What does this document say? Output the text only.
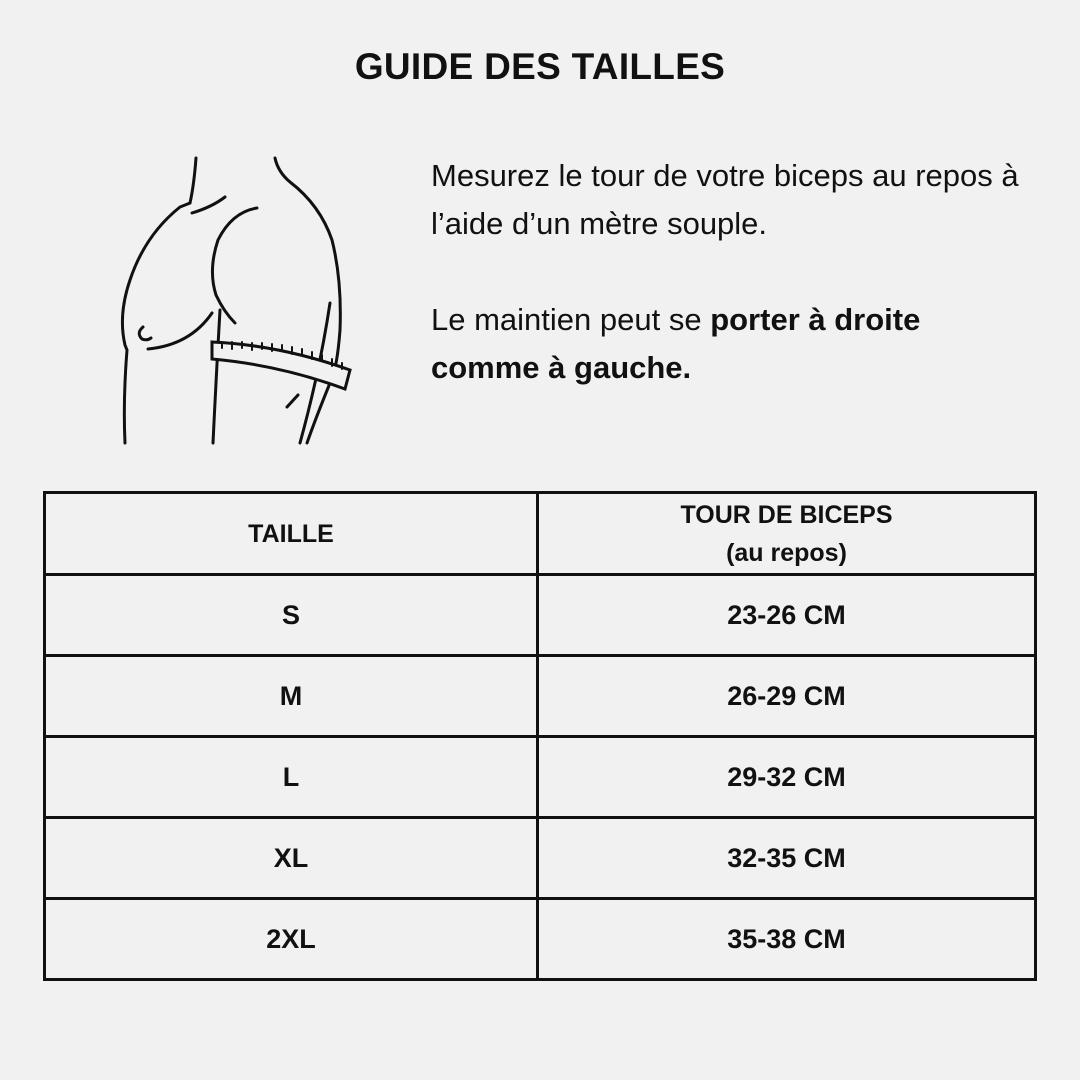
GUIDE DES TAILLES

Mesurez le tour de votre biceps au repos à l’aide d’un mètre souple.

Le maintien peut se porter à droite comme à gauche.

TAILLE	TOUR DE BICEPS
(au repos)
S	23-26 CM
M	26-29 CM
L	29-32 CM
XL	32-35 CM
2XL	35-38 CM
